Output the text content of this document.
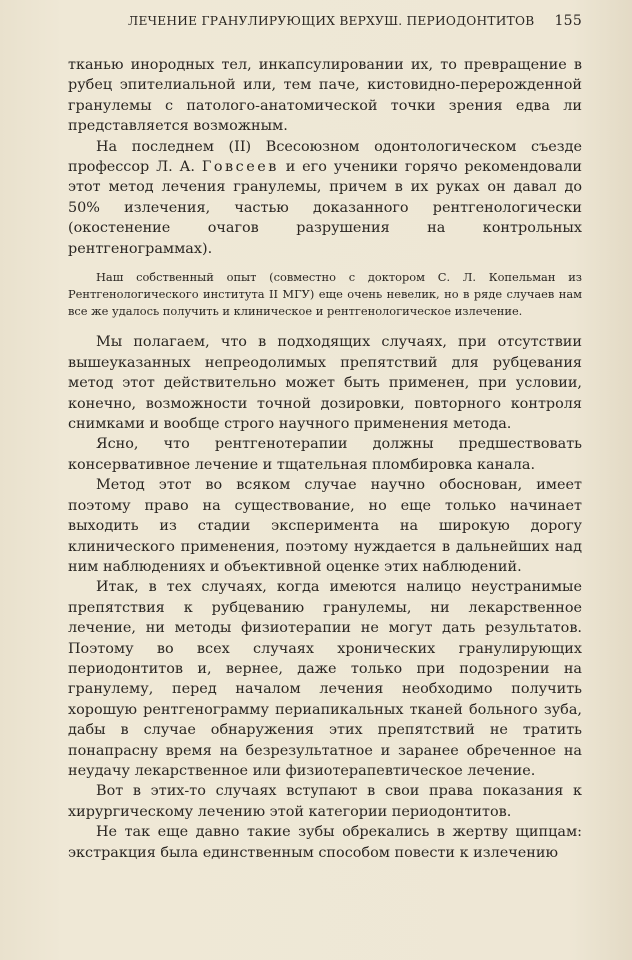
ЛЕЧЕНИЕ ГРАНУЛИРУЮЩИХ ВЕРХУШ. ПЕРИОДОНТИТОВ	155

тканью инородных тел, инкапсулировании их, то превращение в рубец эпителиальной или, тем паче, кистовидно-перерожденной гранулемы с патолого-анатомической точки зрения едва ли представляется возможным.

На последнем (II) Всесоюзном одонтологическом съезде профессор Л. А. Говсеев и его ученики горячо рекомендовали этот метод лечения гранулемы, причем в их руках он давал до 50% излечения, частью доказанного рентгенологически (окостенение очагов разрушения на контрольных рентгенограммах).

Наш собственный опыт (совместно с доктором С. Л. Копельман из Рентгенологического института II МГУ) еще очень невелик, но в ряде случаев нам все же удалось получить и клиническое и рентгенологическое излечение.

Мы полагаем, что в подходящих случаях, при отсутствии вышеуказанных непреодолимых препятствий для рубцевания метод этот действительно может быть применен, при условии, конечно, возможности точной дозировки, повторного контроля снимками и вообще строго научного применения метода.

Ясно, что рентгенотерапии должны предшествовать консервативное лечение и тщательная пломбировка канала.

Метод этот во всяком случае научно обоснован, имеет поэтому право на существование, но еще только начинает выходить из стадии эксперимента на широкую дорогу клинического применения, поэтому нуждается в дальнейших над ним наблюдениях и объективной оценке этих наблюдений.

Итак, в тех случаях, когда имеются налицо неустранимые препятствия к рубцеванию гранулемы, ни лекарственное лечение, ни методы физиотерапии не могут дать результатов. Поэтому во всех случаях хронических гранулирующих периодонтитов и, вернее, даже только при подозрении на гранулему, перед началом лечения необходимо получить хорошую рентгенограмму периапикальных тканей больного зуба, дабы в случае обнаружения этих препятствий не тратить понапрасну время на безрезультатное и заранее обреченное на неудачу лекарственное или физиотерапевтическое лечение.

Вот в этих-то случаях вступают в свои права показания к хирургическому лечению этой категории периодонтитов.

Не так еще давно такие зубы обрекались в жертву щипцам: экстракция была единственным способом повести к излечению
